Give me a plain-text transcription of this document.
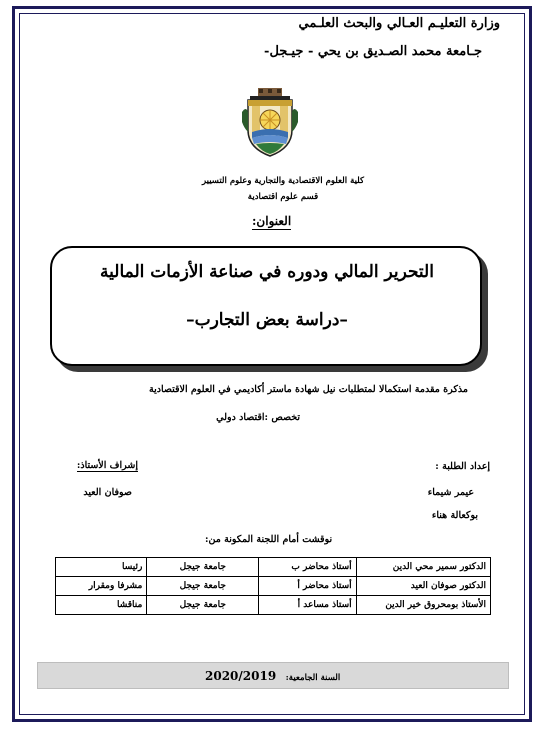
وزارة التعليـم العـالي والبحث العلـمي
جـامعة محمد الصـديق بن يحي - جيـجل-
كلية العلوم الاقتصادية والتجارية وعلوم التسيير
قسم علوم اقتصادية
العنوان:
التحرير المالي ودوره في صناعة الأزمات المالية
–دراسة بعض التجارب–
مذكرة مقدمة استكمالا لمتطلبات نيل شهادة ماستر أكاديمي في العلوم الاقتصادية
تخصص :اقتصاد دولي
إعداد الطلبة :
عيمر شيماء
بوكعالة هناء
إشراف الأستاذ:
صوفان العيد
نوقشت أمام اللجنة المكونة من:
الدكتور سمير محي الدين	أستاذ محاضر ب	جامعة جيجل	رئيسا
الدكتور صوفان العيد	أستاذ محاضر أ	جامعة جيجل	مشرفا ومقرار
الأستاذ بومحروق خير الدين	أستاذ مساعد أ	جامعة جيجل	مناقشا
السنة الجامعية: 2020/2019
